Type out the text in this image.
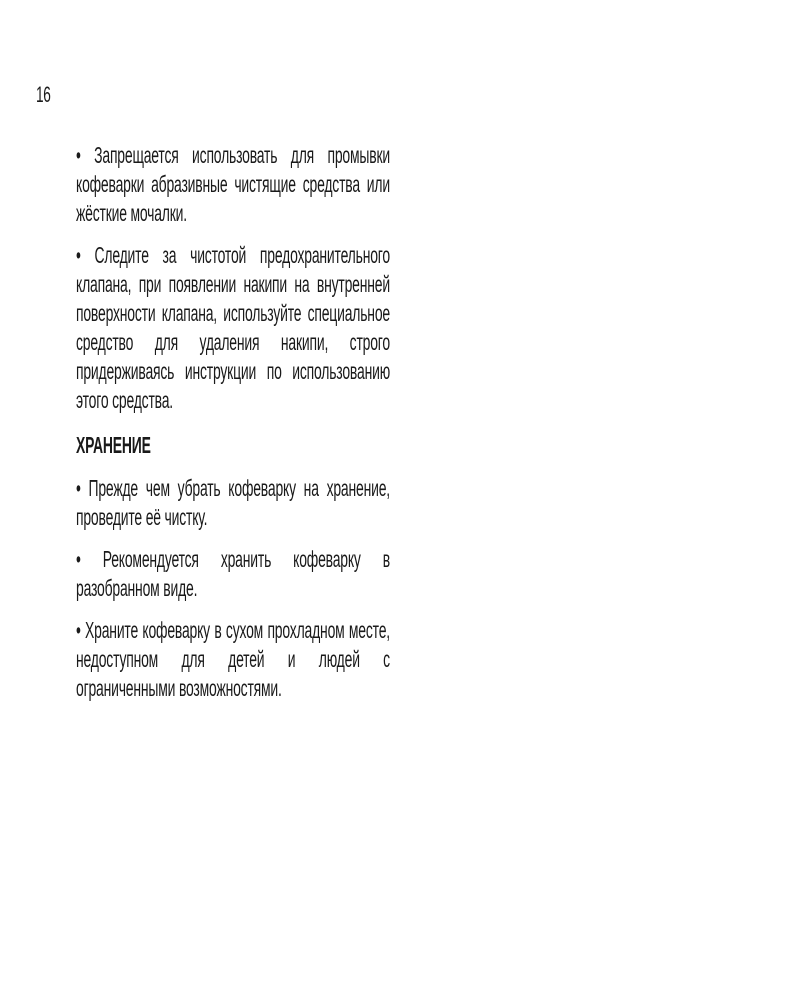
16

• Запрещается использовать для промывки кофеварки абразивные чистящие средства или жёсткие мочалки.

• Следите за чистотой предохранительного клапана, при появлении накипи на внутренней поверхности клапана, используйте специальное средство для удаления накипи, строго придерживаясь инструкции по использованию этого средства.

ХРАНЕНИЕ

• Прежде чем убрать кофеварку на хранение, проведите её чистку.

• Рекомендуется хранить кофеварку в разобранном виде.

• Храните кофеварку в сухом прохладном месте, недоступном для детей и людей с ограниченными возможностями.
